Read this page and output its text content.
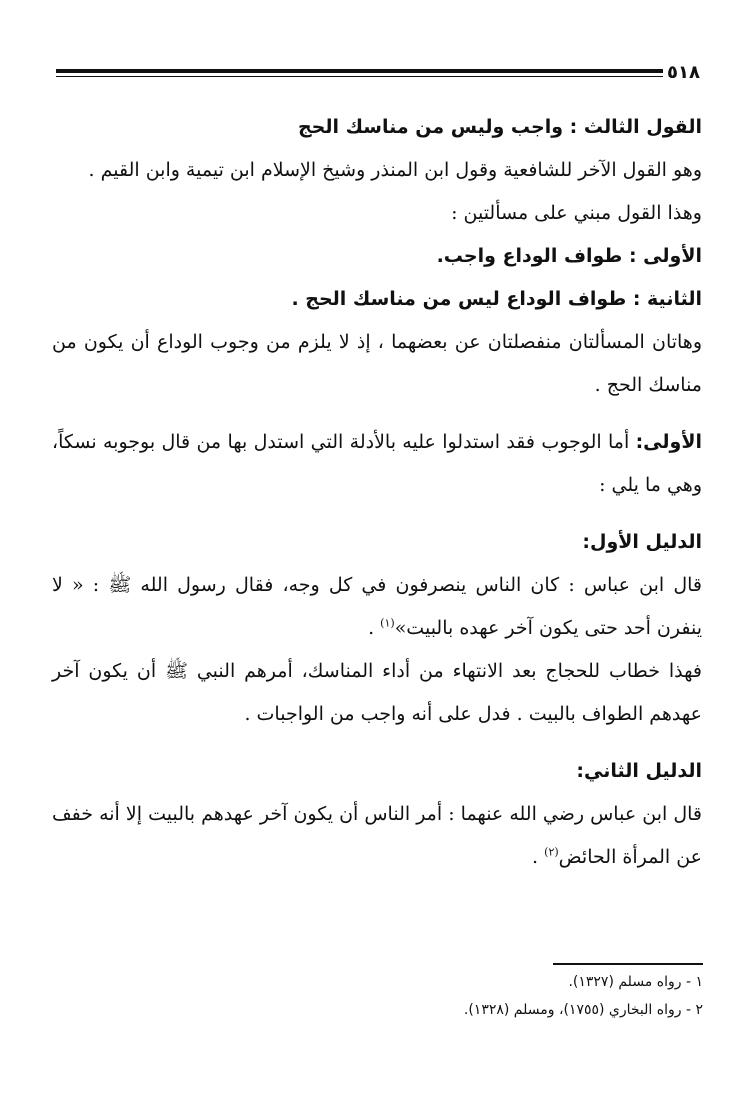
٥١٨

القول الثالث : واجب وليس من مناسك الحج

وهو القول الآخر للشافعية وقول ابن المنذر وشيخ الإسلام ابن تيمية وابن القيم .

وهذا القول مبني على مسألتين :

الأولى : طواف الوداع واجب.

الثانية : طواف الوداع ليس من مناسك الحج .

وهاتان المسألتان منفصلتان عن بعضهما ، إذ لا يلزم من وجوب الوداع أن يكون من مناسك الحج .

الأولى: أما الوجوب فقد استدلوا عليه بالأدلة التي استدل بها من قال بوجوبه نسكاً، وهي ما يلي :

الدليل الأول:

قال ابن عباس : كان الناس ينصرفون في كل وجه، فقال رسول الله ﷺ : « لا ينفرن أحد حتى يكون آخر عهده بالبيت»$^{(١)}$ .

فهذا خطاب للحجاج بعد الانتهاء من أداء المناسك، أمرهم النبي ﷺ أن يكون آخر عهدهم الطواف بالبيت . فدل على أنه واجب من الواجبات .

الدليل الثاني:

قال ابن عباس رضي الله عنهما : أمر الناس أن يكون آخر عهدهم بالبيت إلا أنه خفف عن المرأة الحائض$^{(٢)}$ .

١ - رواه مسلم (١٣٢٧).

٢ - رواه البخاري (١٧٥٥)، ومسلم (١٣٢٨).
